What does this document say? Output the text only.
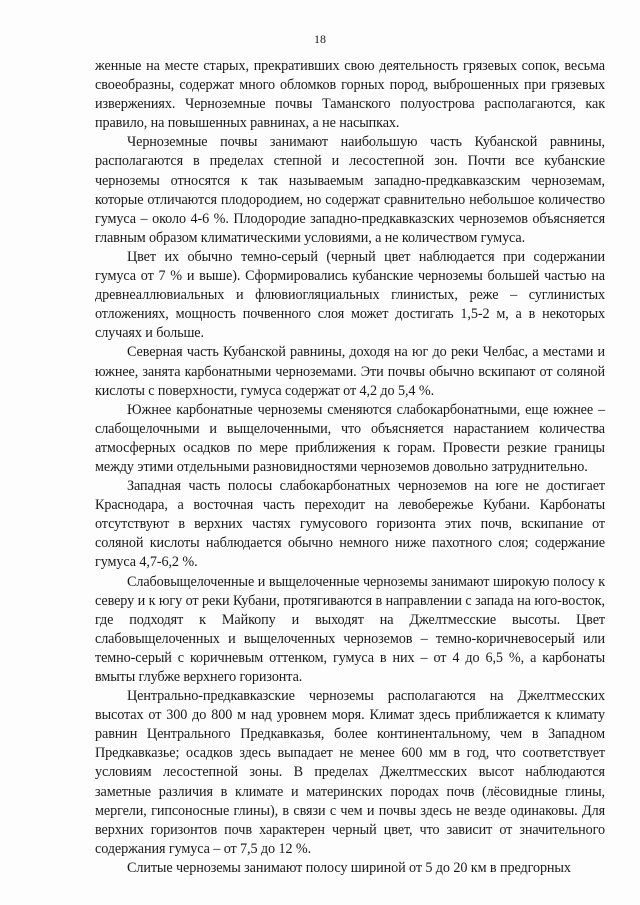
18

женные на месте старых, прекративших свою деятельность грязевых сопок, весьма своеобразны, содержат много обломков горных пород, выброшенных при грязевых извержениях. Черноземные почвы Таманского полуострова располагаются, как правило, на повышенных равнинах, а не насыпках.

Черноземные почвы занимают наибольшую часть Кубанской равнины, располагаются в пределах степной и лесостепной зон. Почти все кубанские черноземы относятся к так называемым западно-предкавказским черноземам, которые отличаются плодородием, но содержат сравнительно небольшое количество гумуса – около 4-6 %. Плодородие западно-предкавказских черноземов объясняется главным образом климатическими условиями, а не количеством гумуса.

Цвет их обычно темно-серый (черный цвет наблюдается при содержании гумуса от 7 % и выше). Сформировались кубанские черноземы большей частью на древнеаллювиальных и флювиогляциальных глинистых, реже – суглинистых отложениях, мощность почвенного слоя может достигать 1,5-2 м, а в некоторых случаях и больше.

Северная часть Кубанской равнины, доходя на юг до реки Челбас, а местами и южнее, занята карбонатными черноземами. Эти почвы обычно вскипают от соляной кислоты с поверхности, гумуса содержат от 4,2 до 5,4 %.

Южнее карбонатные черноземы сменяются слабокарбонатными, еще южнее – слабощелочными и выщелоченными, что объясняется нарастанием количества атмосферных осадков по мере приближения к горам. Провести резкие границы между этими отдельными разновидностями черноземов довольно затруднительно.

Западная часть полосы слабокарбонатных черноземов на юге не достигает Краснодара, а восточная часть переходит на левобережье Кубани. Карбонаты отсутствуют в верхних частях гумусового горизонта этих почв, вскипание от соляной кислоты наблюдается обычно немного ниже пахотного слоя; содержание гумуса 4,7-6,2 %.

Слабовыщелоченные и выщелоченные черноземы занимают широкую полосу к северу и к югу от реки Кубани, протягиваются в направлении с запада на юго-восток, где подходят к Майкопу и выходят на Джелтмесские высоты. Цвет слабовыщелоченных и выщелоченных черноземов – темно-коричневосерый или темно-серый с коричневым оттенком, гумуса в них – от 4 до 6,5 %, а карбонаты вмыты глубже верхнего горизонта.

Центрально-предкавказские черноземы располагаются на Джелтмесских высотах от 300 до 800 м над уровнем моря. Климат здесь приближается к климату равнин Центрального Предкавказья, более континентальному, чем в Западном Предкавказье; осадков здесь выпадает не менее 600 мм в год, что соответствует условиям лесостепной зоны. В пределах Джелтмесских высот наблюдаются заметные различия в климате и материнских породах почв (лёсовидные глины, мергели, гипсоносные глины), в связи с чем и почвы здесь не везде одинаковы. Для верхних горизонтов почв характерен черный цвет, что зависит от значительного содержания гумуса – от 7,5 до 12 %.

Слитые черноземы занимают полосу шириной от 5 до 20 км в предгорных
